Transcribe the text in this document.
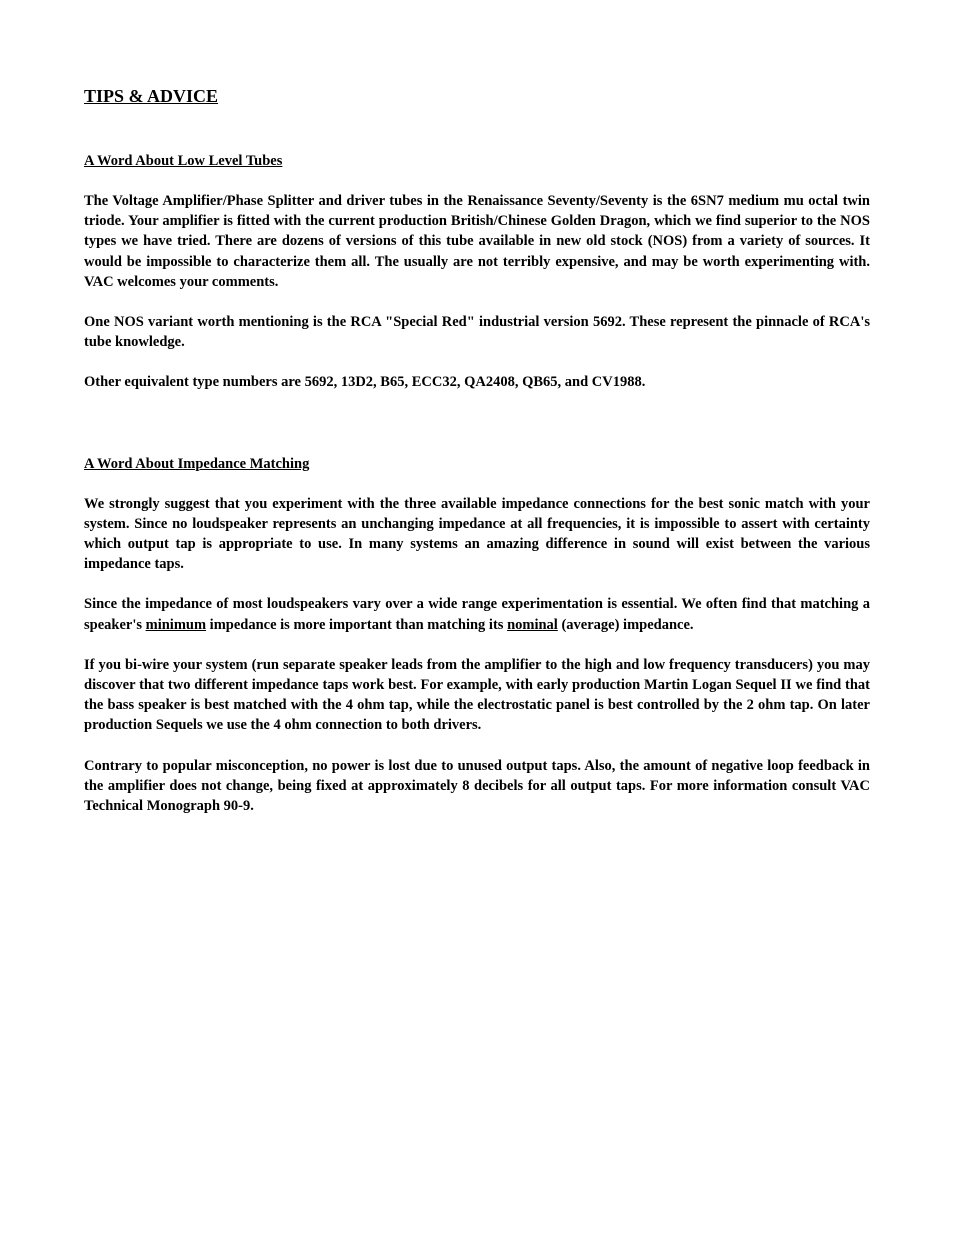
TIPS & ADVICE
A Word About Low Level Tubes

The Voltage Amplifier/Phase Splitter and driver tubes in the Renaissance Seventy/Seventy is the 6SN7 medium mu octal twin triode. Your amplifier is fitted with the current production British/Chinese Golden Dragon, which we find superior to the NOS types we have tried. There are dozens of versions of this tube available in new old stock (NOS) from a variety of sources. It would be impossible to characterize them all. The usually are not terribly expensive, and may be worth experimenting with. VAC welcomes your comments.

One NOS variant worth mentioning is the RCA "Special Red" industrial version 5692. These represent the pinnacle of RCA's tube knowledge.

Other equivalent type numbers are 5692, 13D2, B65, ECC32, QA2408, QB65, and CV1988.

A Word About Impedance Matching

We strongly suggest that you experiment with the three available impedance connections for the best sonic match with your system. Since no loudspeaker represents an unchanging impedance at all frequencies, it is impossible to assert with certainty which output tap is appropriate to use. In many systems an amazing difference in sound will exist between the various impedance taps.

Since the impedance of most loudspeakers vary over a wide range experimentation is essential. We often find that matching a speaker's minimum impedance is more important than matching its nominal (average) impedance.

If you bi-wire your system (run separate speaker leads from the amplifier to the high and low frequency transducers) you may discover that two different impedance taps work best. For example, with early production Martin Logan Sequel II we find that the bass speaker is best matched with the 4 ohm tap, while the electrostatic panel is best controlled by the 2 ohm tap. On later production Sequels we use the 4 ohm connection to both drivers.

Contrary to popular misconception, no power is lost due to unused output taps. Also, the amount of negative loop feedback in the amplifier does not change, being fixed at approximately 8 decibels for all output taps. For more information consult VAC Technical Monograph 90-9.
